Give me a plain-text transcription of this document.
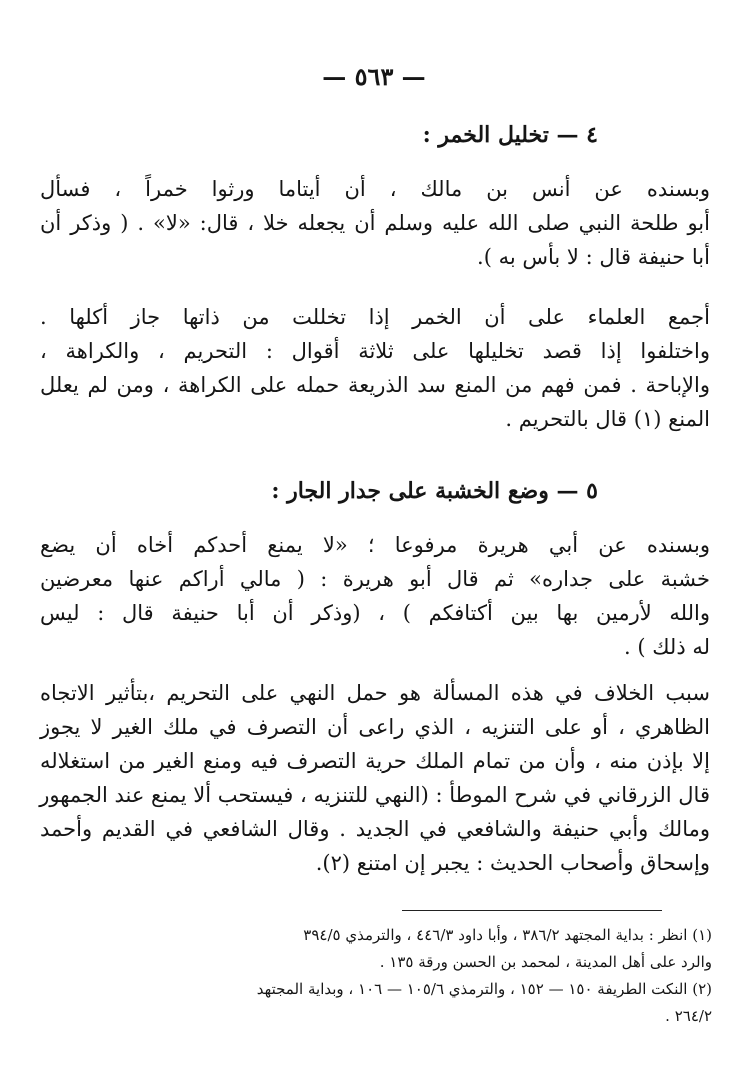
— ٥٦٣ —
٤ — تخليل الخمر :
وبسنده عن أنس بن مالك ، أن أيتاما ورثوا خمراً ، فسأل
أبو طلحة النبي صلى الله عليه وسلم أن يجعله خلا ، قال: «لا» . ( وذكر أن
أبا حنيفة قال : لا بأس به ).
أجمع العلماء على أن الخمر إذا تخللت من ذاتها جاز أكلها .
واختلفوا إذا قصد تخليلها على ثلاثة أقوال : التحريم ، والكراهة ،
والإباحة . فمن فهم من المنع سد الذريعة حمله على الكراهة ، ومن لم يعلل
المنع (١) قال بالتحريم .
٥ — وضع الخشبة على جدار الجار :
وبسنده عن أبي هريرة مرفوعا ؛ «لا يمنع أحدكم أخاه أن يضع
خشبة على جداره» ثم قال أبو هريرة : ( مالي أراكم عنها معرضين
والله لأرمين بها بين أكتافكم ) ، (وذكر أن أبا حنيفة قال : ليس
له ذلك ) .
سبب الخلاف في هذه المسألة هو حمل النهي على التحريم ،بتأثير الاتجاه
الظاهري ، أو على التنزيه ، الذي راعى أن التصرف في ملك الغير لا يجوز
إلا بإذن منه ، وأن من تمام الملك حرية التصرف فيه ومنع الغير من استغلاله
قال الزرقاني في شرح الموطأ : (النهي للتنزيه ، فيستحب ألا يمنع عند الجمهور
ومالك وأبي حنيفة والشافعي في الجديد . وقال الشافعي في القديم وأحمد
وإسحاق وأصحاب الحديث : يجبر إن امتنع (٢).
(١) انظر : بداية المجتهد ٣٨٦/٢ ، وأبا داود ٤٤٦/٣ ، والترمذي ٣٩٤/٥
والرد على أهل المدينة ، لمحمد بن الحسن ورقة ١٣٥ .
(٢) النكت الطريفة ١٥٠ — ١٥٢ ، والترمذي ١٠٥/٦ — ١٠٦ ، وبداية المجتهد
٢٦٤/٢ .
